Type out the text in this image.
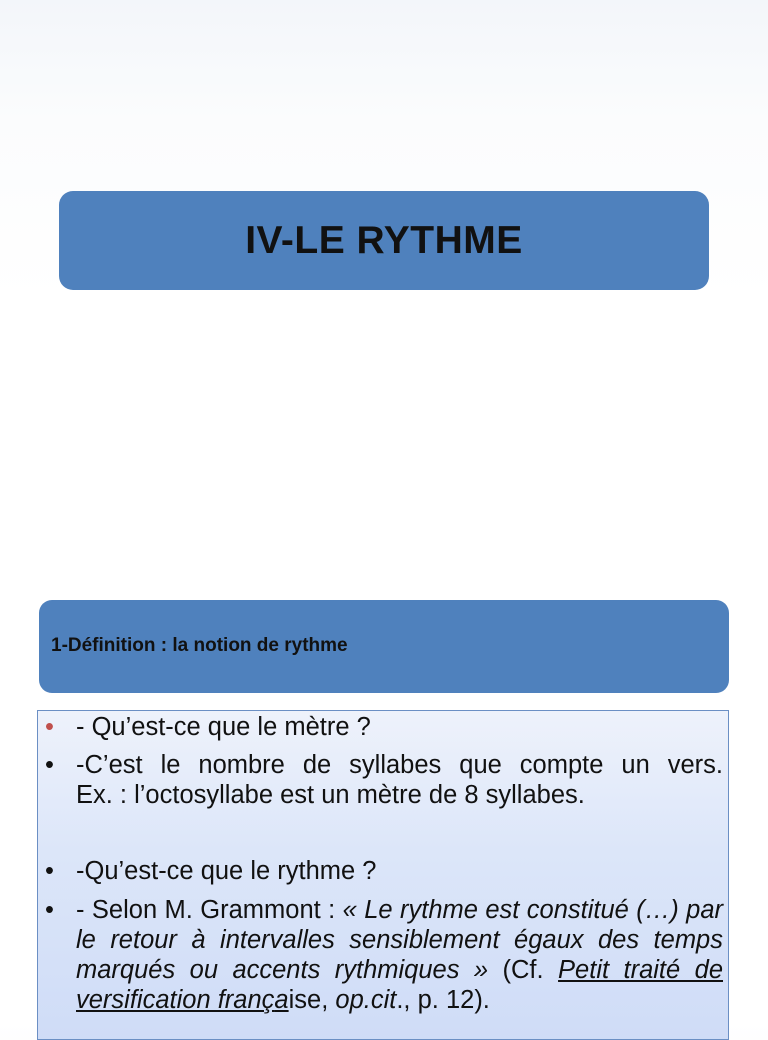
IV-LE RYTHME
1-Définition : la notion de rythme
• - Qu’est-ce que le mètre ?
• -C’est le nombre de syllabes que compte un vers.
Ex. : l’octosyllabe est un mètre de 8 syllabes.
• -Qu’est-ce que le rythme ?
• - Selon M. Grammont : « Le rythme est constitué (…) par le retour à intervalles sensiblement égaux des temps marqués ou accents rythmiques » (Cf. Petit traité de versification française, op.cit., p. 12).
